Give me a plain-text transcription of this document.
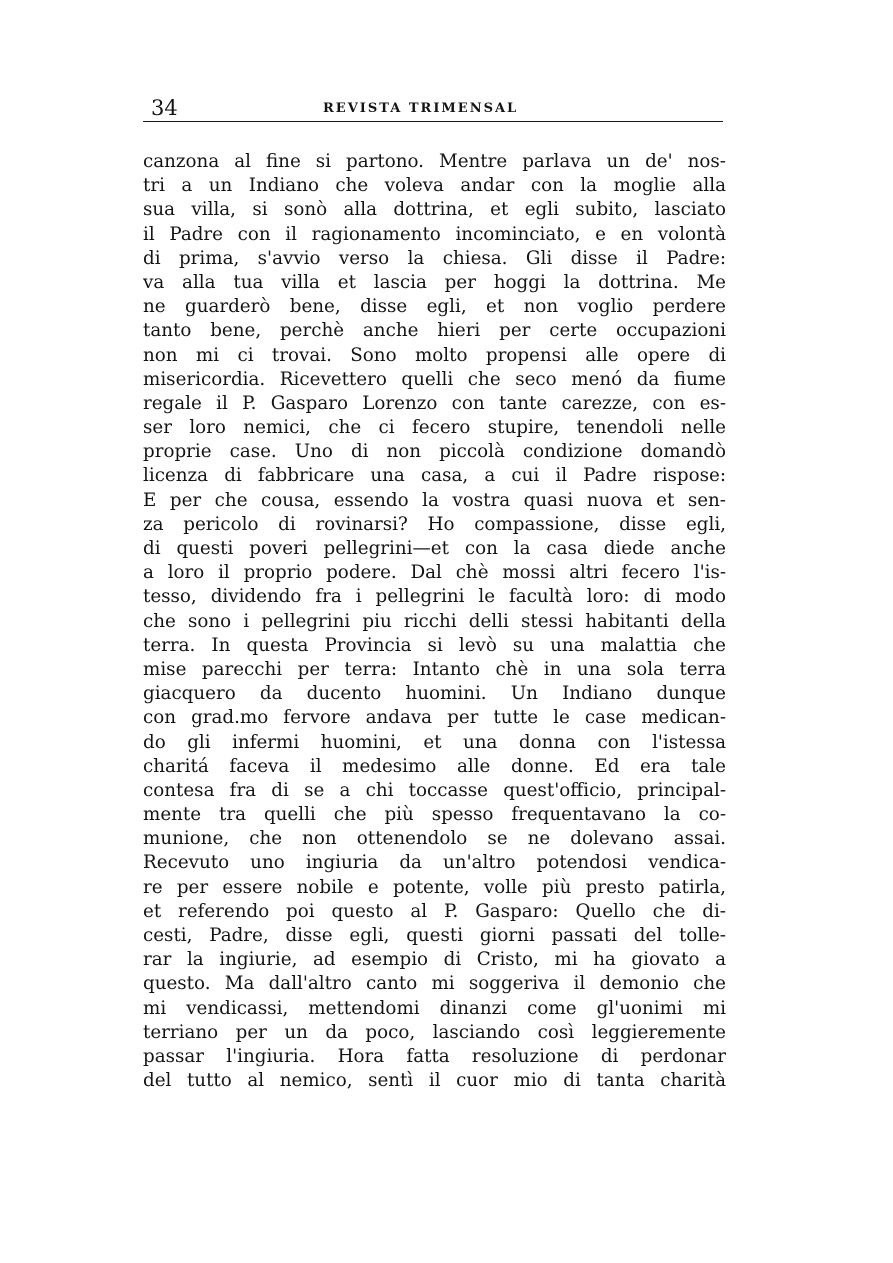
34	REVISTA TRIMENSAL
canzona al fine si partono. Mentre parlava un de' nos-
tri a un Indiano che voleva andar con la moglie alla
sua villa, si sonò alla dottrina, et egli subito, lasciato
il Padre con il ragionamento incominciato, e en volontà
di prima, s'avvio verso la chiesa. Gli disse il Padre:
va alla tua villa et lascia per hoggi la dottrina. Me
ne guarderò bene, disse egli, et non voglio perdere
tanto bene, perchè anche hieri per certe occupazioni
non mi ci trovai. Sono molto propensi alle opere di
misericordia. Ricevettero quelli che seco menó da fiume
regale il P. Gasparo Lorenzo con tante carezze, con es-
ser loro nemici, che ci fecero stupire, tenendoli nelle
proprie case. Uno di non piccolà condizione domandò
licenza di fabbricare una casa, a cui il Padre rispose:
E per che cousa, essendo la vostra quasi nuova et sen-
za pericolo di rovinarsi? Ho compassione, disse egli,
di questi poveri pellegrini—et con la casa diede anche
a loro il proprio podere. Dal chè mossi altri fecero l'is-
tesso, dividendo fra i pellegrini le facultà loro: di modo
che sono i pellegrini piu ricchi delli stessi habitanti della
terra. In questa Provincia si levò su una malattia che
mise parecchi per terra: Intanto chè in una sola terra
giacquero da ducento huomini. Un Indiano dunque
con grad.mo fervore andava per tutte le case medican-
do gli infermi huomini, et una donna con l'istessa
charitá faceva il medesimo alle donne. Ed era tale
contesa fra di se a chi toccasse quest'officio, principal-
mente tra quelli che più spesso frequentavano la co-
munione, che non ottenendolo se ne dolevano assai.
Recevuto uno ingiuria da un'altro potendosi vendica-
re per essere nobile e potente, volle più presto patirla,
et referendo poi questo al P. Gasparo: Quello che di-
cesti, Padre, disse egli, questi giorni passati del tolle-
rar la ingiurie, ad esempio di Cristo, mi ha giovato a
questo. Ma dall'altro canto mi soggeriva il demonio che
mi vendicassi, mettendomi dinanzi come gl'uonimi mi
terriano per un da poco, lasciando così leggieremente
passar l'ingiuria. Hora fatta resoluzione di perdonar
del tutto al nemico, sentì il cuor mio di tanta charità
